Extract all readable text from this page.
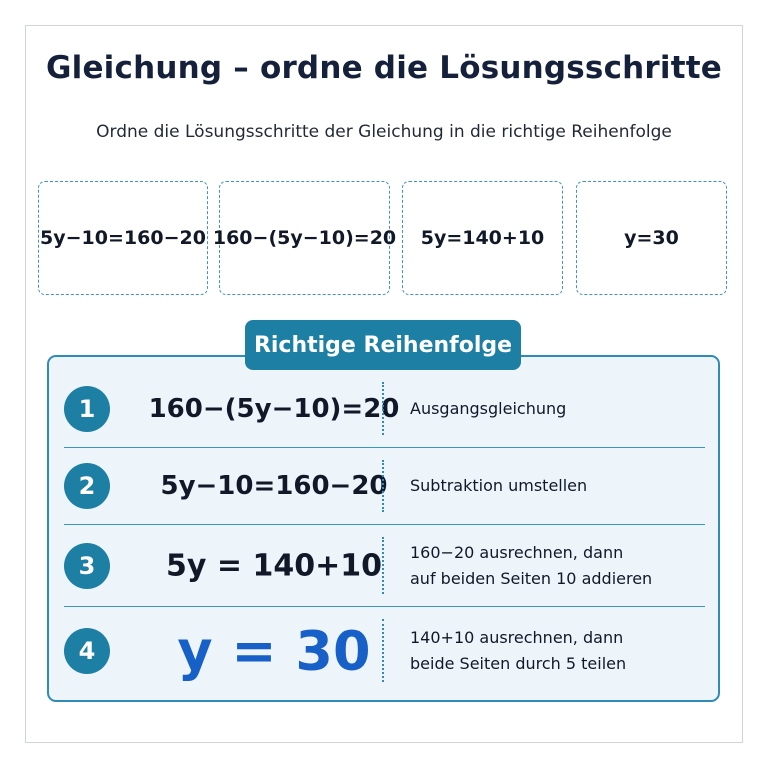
Gleichung – ordne die Lösungsschritte
Ordne die Lösungsschritte der Gleichung in die richtige Reihenfolge
5y−10=160−20 160−(5y−10)=20	5y=140+10	y=30
Richtige Reihenfolge
1	160−(5y−10)=20 Ausgangsgleichung
2	5y−10=160−20	Subtraktion umstellen
3	5y = 140+10	160−20 ausrechnen, dann
auf beiden Seiten 10 addieren
4	y = 30	140+10 ausrechnen, dann
beide Seiten durch 5 teilen
